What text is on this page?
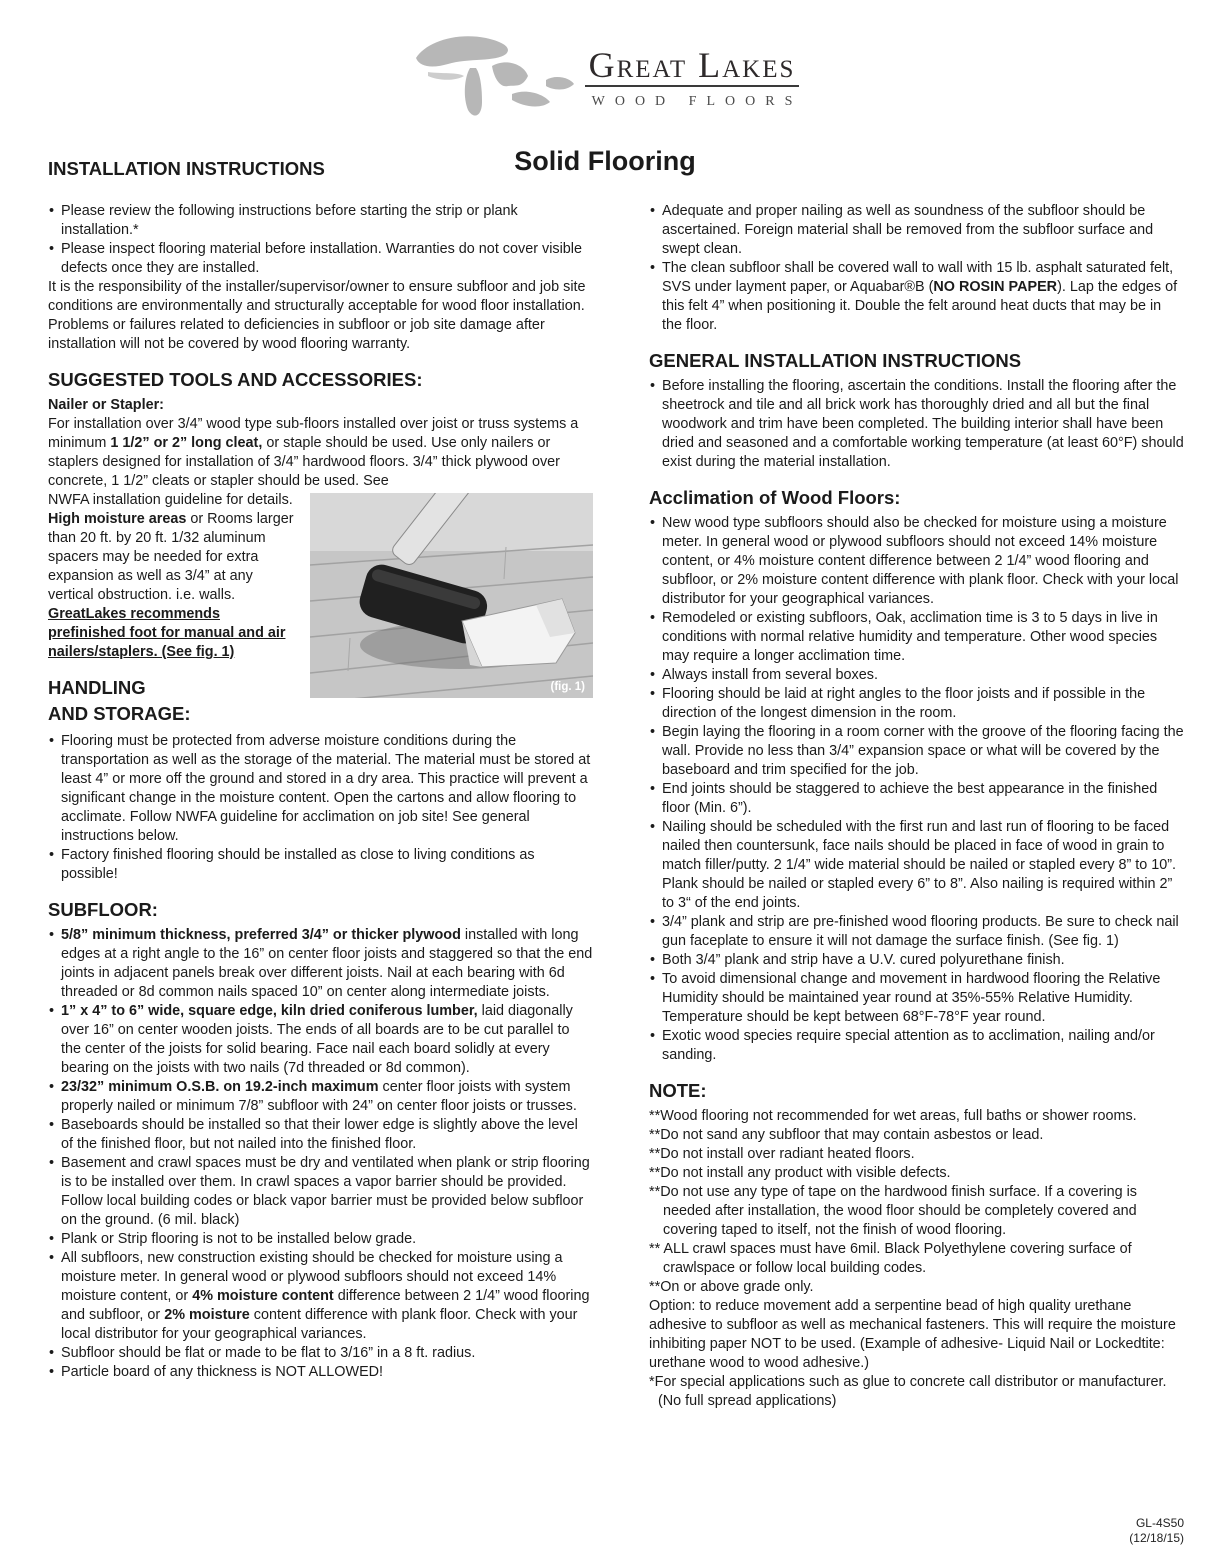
Great Lakes
WOOD FLOORS
INSTALLATION INSTRUCTIONS	Solid Flooring
• Please review the following instructions before starting the strip or plank installation.*
• Please inspect flooring material before installation. Warranties do not cover visible defects once they are installed.

It is the responsibility of the installer/supervisor/owner to ensure subfloor and job site conditions are environmentally and structurally acceptable for wood floor installation. Problems or failures related to deficiencies in subfloor or job site damage after installation will not be covered by wood flooring warranty.

SUGGESTED TOOLS AND ACCESSORIES:
Nailer or Stapler:

For installation over 3/4” wood type sub-floors installed over joist or truss systems a minimum 1 1/2” or 2” long cleat, or staple should be used. Use only nailers or staplers designed for installation of 3/4” hardwood floors. 3/4” thick plywood over concrete, 1 1/2” cleats or stapler should be used. See

NWFA installation guideline for details. High moisture areas or Rooms larger than 20 ft. by 20 ft. 1/32 aluminum spacers may be needed for extra expansion as well as 3/4” at any vertical obstruction. i.e. walls. GreatLakes recommends prefinished foot for manual and air nailers/staplers. (See fig. 1)

HANDLING
AND STORAGE:
(fig. 1)
• Flooring must be protected from adverse moisture conditions during the transportation as well as the storage of the material. The material must be stored at least 4” or more off the ground and stored in a dry area. This practice will prevent a significant change in the moisture content. Open the cartons and allow flooring to acclimate. Follow NWFA guideline for acclimation on job site! See general instructions below.
• Factory finished flooring should be installed as close to living conditions as possible!
SUBFLOOR:
• 5/8” minimum thickness, preferred 3/4” or thicker plywood installed with long edges at a right angle to the 16” on center floor joists and staggered so that the end joints in adjacent panels break over different joists. Nail at each bearing with 6d threaded or 8d common nails spaced 10” on center along intermediate joists.
• 1” x 4” to 6” wide, square edge, kiln dried coniferous lumber, laid diagonally over 16” on center wooden joists. The ends of all boards are to be cut parallel to the center of the joists for solid bearing. Face nail each board solidly at every bearing on the joists with two nails (7d threaded or 8d common).
• 23/32” minimum O.S.B. on 19.2-inch maximum center floor joists with system properly nailed or minimum 7/8” subfloor with 24” on center floor joists or trusses.
• Baseboards should be installed so that their lower edge is slightly above the level of the finished floor, but not nailed into the finished floor.
• Basement and crawl spaces must be dry and ventilated when plank or strip flooring is to be installed over them. In crawl spaces a vapor barrier should be provided. Follow local building codes or black vapor barrier must be provided below subfloor on the ground. (6 mil. black)
• Plank or Strip flooring is not to be installed below grade.
• All subfloors, new construction existing should be checked for moisture using a moisture meter. In general wood or plywood subfloors should not exceed 14% moisture content, or 4% moisture content difference between 2 1/4” wood flooring and subfloor, or 2% moisture content difference with plank floor. Check with your local distributor for your geographical variances.
• Subfloor should be flat or made to be flat to 3/16” in a 8 ft. radius.
• Particle board of any thickness is NOT ALLOWED!
• Adequate and proper nailing as well as soundness of the subfloor should be ascertained. Foreign material shall be removed from the subfloor surface and swept clean.
• The clean subfloor shall be covered wall to wall with 15 lb. asphalt saturated felt, SVS under layment paper, or Aquabar®B (NO ROSIN PAPER). Lap the edges of this felt 4” when positioning it. Double the felt around heat ducts that may be in the floor.
GENERAL INSTALLATION INSTRUCTIONS
• Before installing the flooring, ascertain the conditions. Install the flooring after the sheetrock and tile and all brick work has thoroughly dried and all but the final woodwork and trim have been completed. The building interior shall have been dried and seasoned and a comfortable working temperature (at least 60°F) should exist during the material installation.
Acclimation of Wood Floors:
• New wood type subfloors should also be checked for moisture using a moisture meter. In general wood or plywood subfloors should not exceed 14% moisture content, or 4% moisture content difference between 2 1/4” wood flooring and subfloor, or 2% moisture content difference with plank floor. Check with your local distributor for your geographical variances.
• Remodeled or existing subfloors, Oak, acclimation time is 3 to 5 days in live in conditions with normal relative humidity and temperature. Other wood species may require a longer acclimation time.
• Always install from several boxes.
• Flooring should be laid at right angles to the floor joists and if possible in the direction of the longest dimension in the room.
• Begin laying the flooring in a room corner with the groove of the flooring facing the wall. Provide no less than 3/4” expansion space or what will be covered by the baseboard and trim specified for the job.
• End joints should be staggered to achieve the best appearance in the finished floor (Min. 6”).
• Nailing should be scheduled with the first run and last run of flooring to be faced nailed then countersunk, face nails should be placed in face of wood in grain to match filler/putty. 2 1/4” wide material should be nailed or stapled every 8” to 10”. Plank should be nailed or stapled every 6” to 8”. Also nailing is required within 2” to 3“ of the end joints.
• 3/4” plank and strip are pre-finished wood flooring products. Be sure to check nail gun faceplate to ensure it will not damage the surface finish. (See fig. 1)
• Both 3/4” plank and strip have a U.V. cured polyurethane finish.
• To avoid dimensional change and movement in hardwood flooring the Relative Humidity should be maintained year round at 35%-55% Relative Humidity. Temperature should be kept between 68°F-78°F year round.
• Exotic wood species require special attention as to acclimation, nailing and/or sanding.
NOTE:
**Wood flooring not recommended for wet areas, full baths or shower rooms.
**Do not sand any subfloor that may contain asbestos or lead.
**Do not install over radiant heated floors.
**Do not install any product with visible defects.
**Do not use any type of tape on the hardwood finish surface. If a covering is needed after installation, the wood floor should be completely covered and covering taped to itself, not the finish of wood flooring.
** ALL crawl spaces must have 6mil. Black Polyethylene covering surface of crawlspace or follow local building codes.
**On or above grade only.

Option: to reduce movement add a serpentine bead of high quality urethane adhesive to subfloor as well as mechanical fasteners. This will require the moisture inhibiting paper NOT to be used. (Example of adhesive- Liquid Nail or Lockedtite: urethane wood to wood adhesive.)

*For special applications such as glue to concrete call distributor or manufacturer. (No full spread applications)

GL-4S50
(12/18/15)
